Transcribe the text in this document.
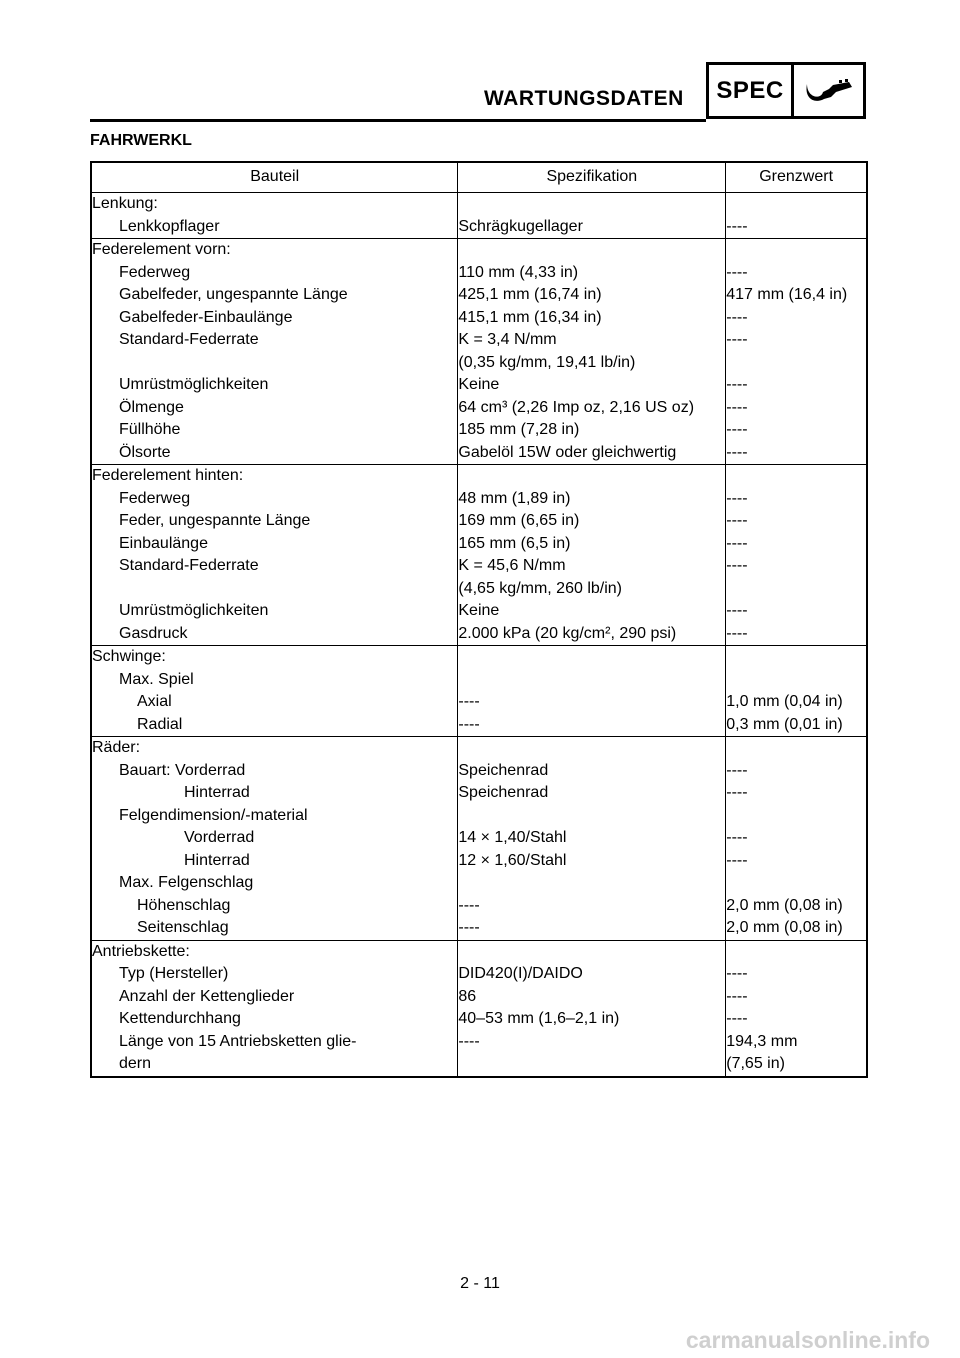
WARTUNGSDATEN	SPEC
FAHRWERKL
Bauteil	Spezifikation	Grenzwert
Lenkung:		
Lenkkopflager	Schrägkugellager	----
Federelement vorn:		
Federweg	110 mm (4,33 in)	----
Gabelfeder, ungespannte Länge	425,1 mm (16,74 in)	417 mm (16,4 in)
Gabelfeder-Einbaulänge	415,1 mm (16,34 in)	----
Standard-Federrate	K = 3,4 N/mm	----
	(0,35 kg/mm, 19,41 lb/in)	
Umrüstmöglichkeiten	Keine	----
Ölmenge	64 cm³ (2,26 Imp oz, 2,16 US oz)	----
Füllhöhe	185 mm (7,28 in)	----
Ölsorte	Gabelöl 15W oder gleichwertig	----
Federelement hinten:		
Federweg	48 mm (1,89 in)	----
Feder, ungespannte Länge	169 mm (6,65 in)	----
Einbaulänge	165 mm (6,5 in)	----
Standard-Federrate	K = 45,6 N/mm	----
	(4,65 kg/mm, 260 lb/in)	
Umrüstmöglichkeiten	Keine	----
Gasdruck	2.000 kPa (20 kg/cm², 290 psi)	----
Schwinge:		
Max. Spiel		
Axial	----	1,0 mm (0,04 in)
Radial	----	0,3 mm (0,01 in)
Räder:		
Bauart: Vorderrad	Speichenrad	----
Hinterrad	Speichenrad	----
Felgendimension/-material		
Vorderrad	14 × 1,40/Stahl	----
Hinterrad	12 × 1,60/Stahl	----
Max. Felgenschlag		
Höhenschlag	----	2,0 mm (0,08 in)
Seitenschlag	----	2,0 mm (0,08 in)
Antriebskette:		
Typ (Hersteller)	DID420(I)/DAIDO	----
Anzahl der Kettenglieder	86	----
Kettendurchhang	40–53 mm (1,6–2,1 in)	----
Länge von 15 Antriebsketten glie-	----	194,3 mm
dern		(7,65 in)
2 - 11
carmanualsonline.info
